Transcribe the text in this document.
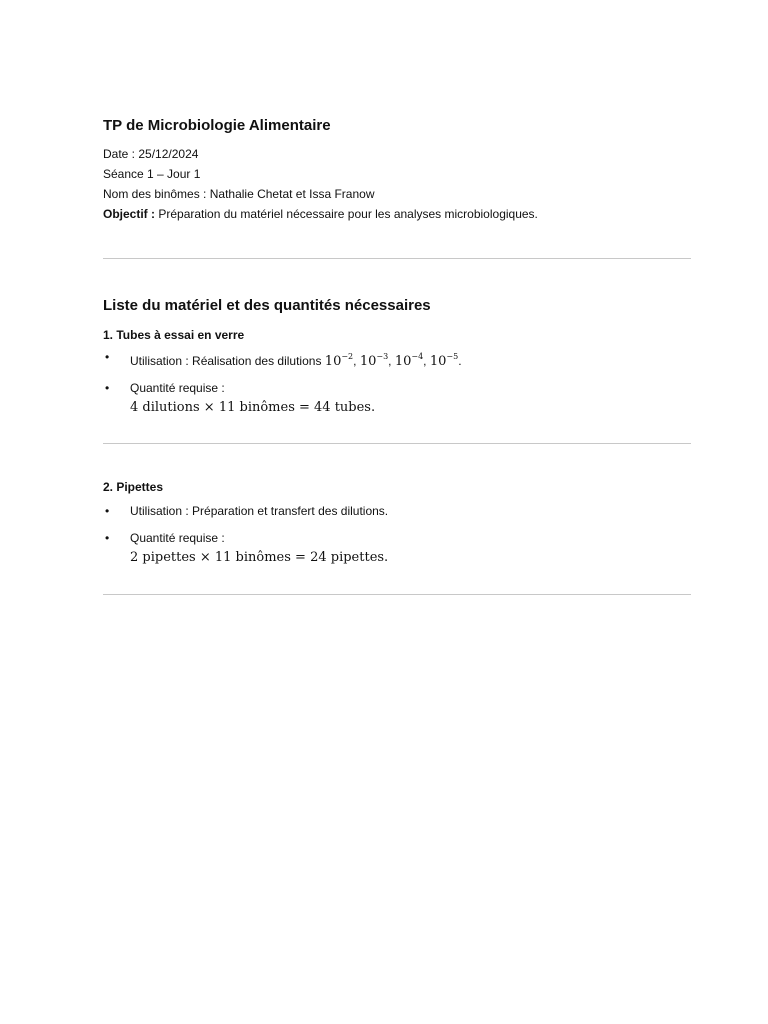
TP de Microbiologie Alimentaire

Date : 25/12/2024

Séance 1 – Jour 1

Nom des binômes : Nathalie Chetat et Issa Franow

Objectif : Préparation du matériel nécessaire pour les analyses microbiologiques.

Liste du matériel et des quantités nécessaires
1. Tubes à essai en verre
• Utilisation : Réalisation des dilutions $10^{-2}$, $10^{-3}$, $10^{-4}$, $10^{-5}$.
• Quantité requise :
4 dilutions × 11 binômes = 44 tubes.
2. Pipettes
• Utilisation : Préparation et transfert des dilutions.
• Quantité requise :
2 pipettes × 11 binômes = 24 pipettes.
